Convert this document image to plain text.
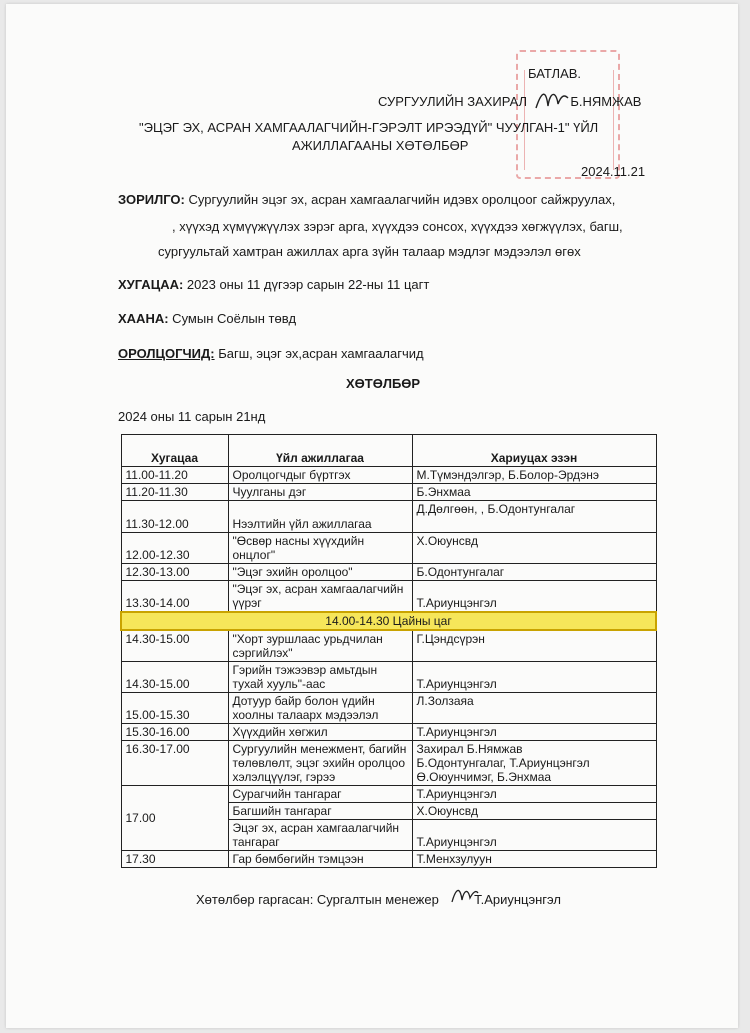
БАТЛАВ.
СУРГУУЛИЙН ЗАХИРАЛ	Б.НЯМЖАВ
"ЭЦЭГ ЭХ, АСРАН ХАМГААЛАГЧИЙН-ГЭРЭЛТ ИРЭЭДҮЙ" ЧУУЛГАН-1" ҮЙЛ
АЖИЛЛАГААНЫ ХӨТӨЛБӨР
2024.11.21
ЗОРИЛГО: Сургуулийн эцэг эх, асран хамгаалагчийн идэвх оролцоог сайжруулах,
, хүүхэд хүмүүжүүлэх зэрэг арга, хүүхдээ сонсох, хүүхдээ хөгжүүлэх, багш,
сургуультай хамтран ажиллах арга зүйн талаар мэдлэг мэдээлэл өгөх
ХУГАЦАА: 2023 оны 11 дүгээр сарын 22-ны 11 цагт
ХААНА: Сумын Соёлын төвд
ОРОЛЦОГЧИД: Багш, эцэг эх,асран хамгаалагчид
ХӨТӨЛБӨР
2024 оны 11 сарын 21нд
Хугацаа	Үйл ажиллагаа	Хариуцах эзэн
11.00-11.20	Оролцогчдыг бүртгэх	М.Түмэндэлгэр, Б.Болор-Эрдэнэ
11.20-11.30	Чуулганы дэг	Б.Энхмаа
11.30-12.00	Нээлтийн үйл ажиллагаа	Д.Дөлгөөн, , Б.Одонтунгалаг
12.00-12.30	"Өсвөр насны хүүхдийн онцлог"	Х.Оюунсвд
12.30-13.00	"Эцэг эхийн оролцоо"	Б.Одонтунгалаг
13.30-14.00	"Эцэг эх, асран хамгаалагчийн үүрэг	Т.Ариунцэнгэл
14.00-14.30 Цайны цаг		
14.30-15.00	"Хорт зуршлаас урьдчилан сэргийлэх"	Г.Цэндсүрэн
14.30-15.00	Гэрийн тэжээвэр амьтдын тухай хууль"-аас	Т.Ариунцэнгэл
15.00-15.30	Дотуур байр болон үдийн хоолны талаарх мэдээлэл	Л.Золзаяа
15.30-16.00	Хүүхдийн хөгжил	Т.Ариунцэнгэл
16.30-17.00	Сургуулийн менежмент, багийн төлөвлөлт, эцэг эхийн оролцоо хэлэлцүүлэг, гэрээ	Захирал Б.Нямжав
Б.Одонтунгалаг, Т.Ариунцэнгэл
Ө.Оюунчимэг, Б.Энхмаа

17.00	Сурагчийн тангараг	Т.Ариунцэнгэл
	Багшийн тангараг	Х.Оюунсвд
	Эцэг эх, асран хамгаалагчийн тангараг	Т.Ариунцэнгэл
17.30	Гар бөмбөгийн тэмцээн	Т.Менхзулуун
Хөтөлбөр гаргасан: Сургалтын менежер	Т.Ариунцэнгэл
